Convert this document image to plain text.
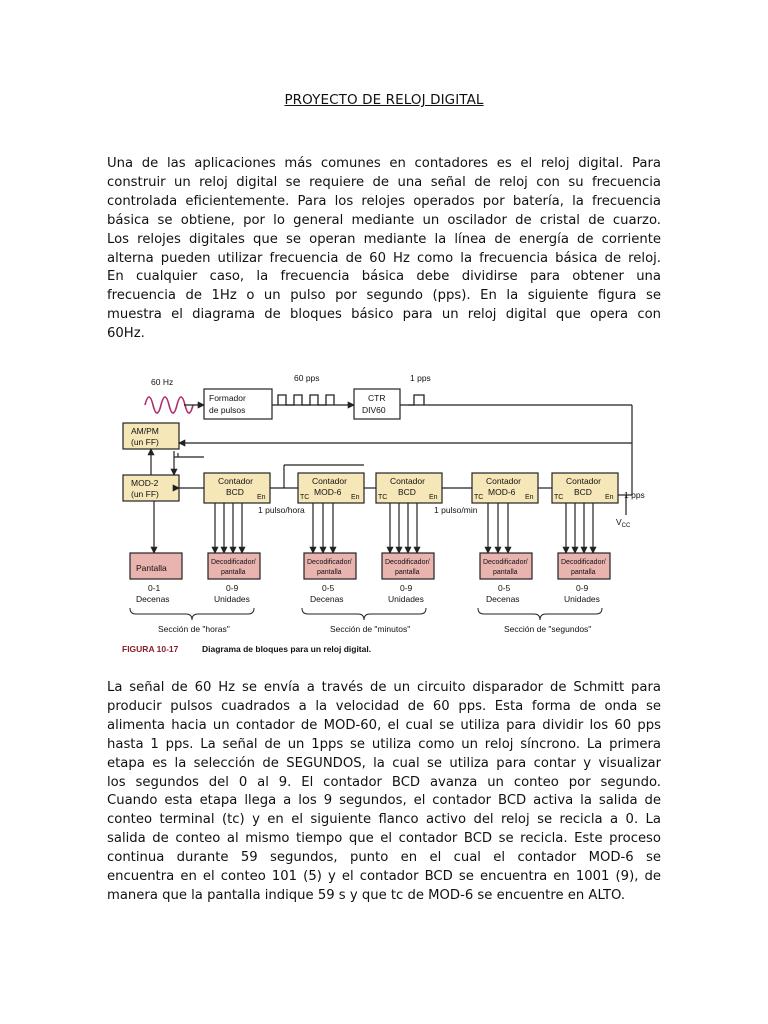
PROYECTO DE RELOJ DIGITAL
Una de las aplicaciones más comunes en contadores es el reloj digital. Para
construir un reloj digital se requiere de una señal de reloj con su frecuencia
controlada eficientemente. Para los relojes operados por batería, la frecuencia
básica se obtiene, por lo general mediante un oscilador de cristal de cuarzo.
Los relojes digitales que se operan mediante la línea de energía de corriente
alterna pueden utilizar frecuencia de 60 Hz como la frecuencia básica de reloj.
En cualquier caso, la frecuencia básica debe dividirse para obtener una
frecuencia de 1Hz o un pulso por segundo (pps). En la siguiente figura se
muestra el diagrama de bloques básico para un reloj digital que opera con
60Hz.
60 Hz
Formador
de pulsos
60 pps
CTR
DIV60
1 pps
AM/PM
(un FF)
MOD-2
(un FF)
Contador
BCD
En
Contador
MOD-6
TC	En
Contador
BCD
TC	En
Contador
MOD-6
TC	En
Contador
BCD
TC	En
1 pulso/hora	1 pulso/min
1 pps
$V_{CC}$
Pantalla
Decodificador/
pantalla
Decodificador/
pantalla
Decodificador/
pantalla
Decodificador/
pantalla
Decodificador/
pantalla
0-1
Decenas
0-9
Unidades
0-5
Decenas
0-9
Unidades
0-5
Decenas
0-9
Unidades
Sección de "horas"	Sección de "minutos"	Sección de "segundos"
FIGURA 10-17	Diagrama de bloques para un reloj digital.
La señal de 60 Hz se envía a través de un circuito disparador de Schmitt para
producir pulsos cuadrados a la velocidad de 60 pps. Esta forma de onda se
alimenta hacia un contador de MOD-60, el cual se utiliza para dividir los 60 pps
hasta 1 pps. La señal de un 1pps se utiliza como un reloj síncrono. La primera
etapa es la selección de SEGUNDOS, la cual se utiliza para contar y visualizar
los segundos del 0 al 9. El contador BCD avanza un conteo por segundo.
Cuando esta etapa llega a los 9 segundos, el contador BCD activa la salida de
conteo terminal (tc) y en el siguiente flanco activo del reloj se recicla a 0. La
salida de conteo al mismo tiempo que el contador BCD se recicla. Este proceso
continua durante 59 segundos, punto en el cual el contador MOD-6 se
encuentra en el conteo 101 (5) y el contador BCD se encuentra en 1001 (9), de
manera que la pantalla indique 59 s y que tc de MOD-6 se encuentre en ALTO.
